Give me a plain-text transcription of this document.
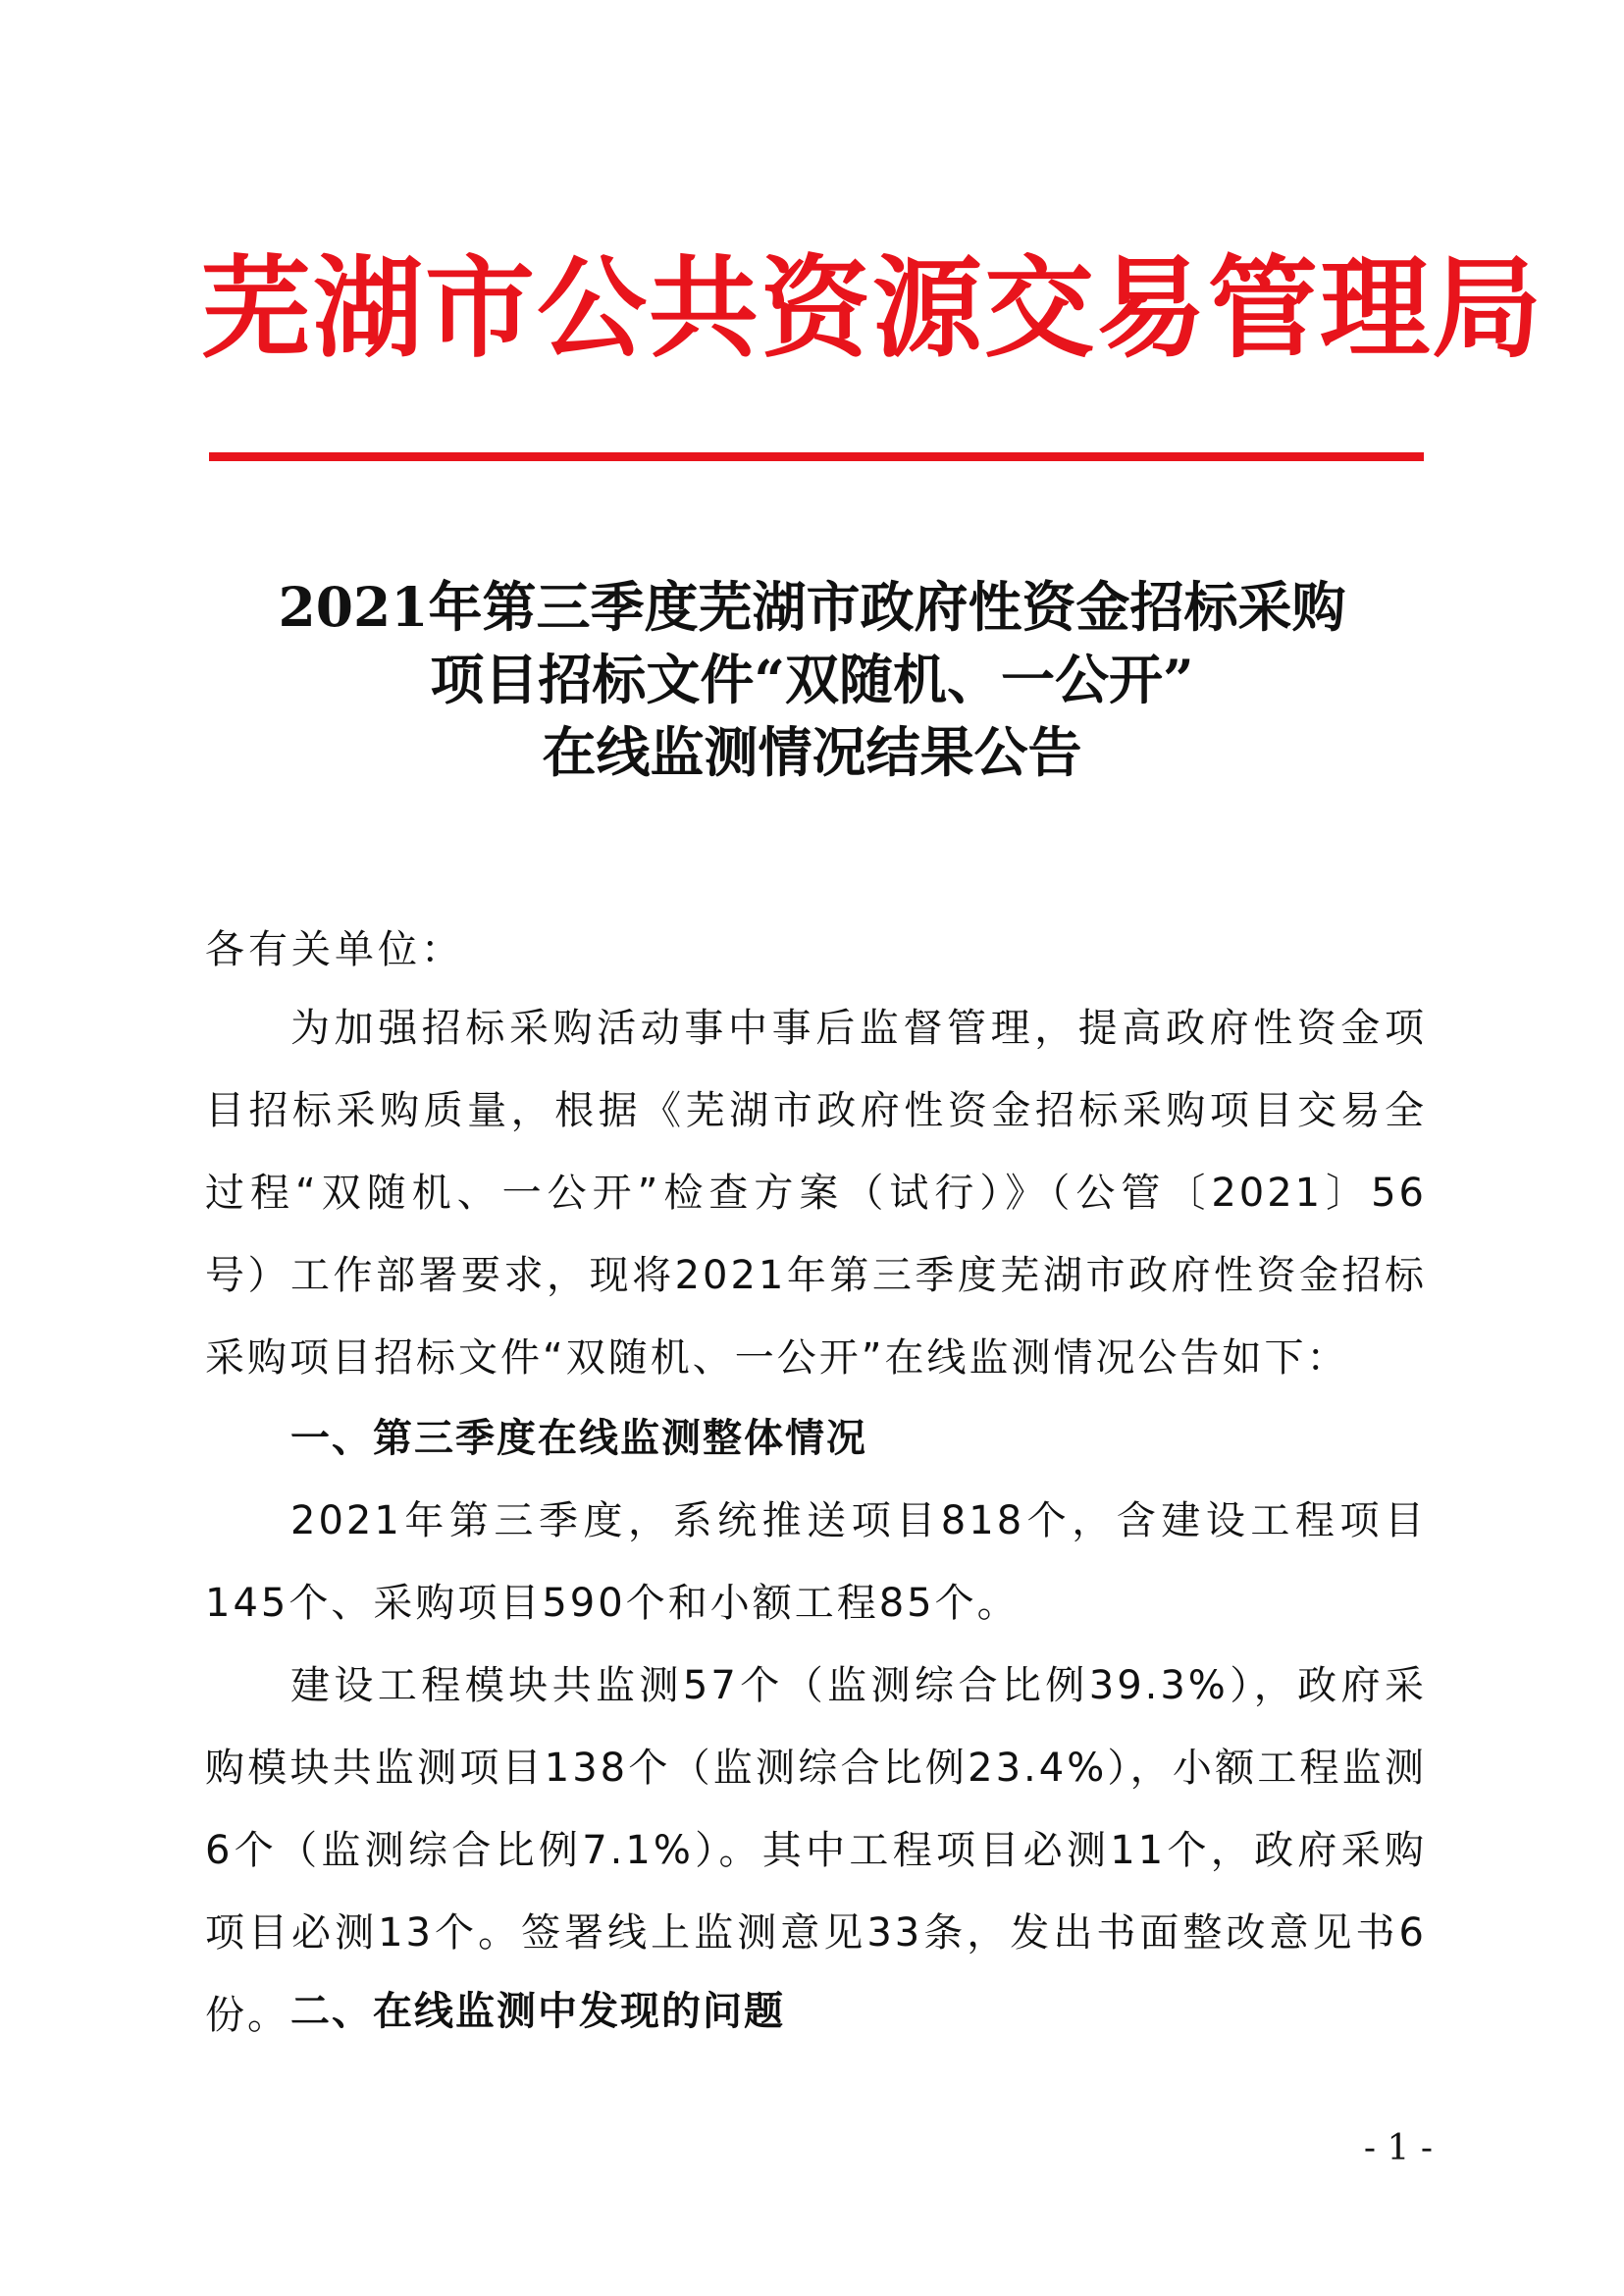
芜湖市公共资源交易管理局
2021年第三季度芜湖市政府性资金招标采购
项目招标文件“双随机、一公开”
在线监测情况结果公告
各有关单位：
为加强招标采购活动事中事后监督管理，提高政府性资金项目招标采购质量，根据《芜湖市政府性资金招标采购项目交易全过程“双随机、一公开”检查方案（试行）》（公管〔2021〕56 号）工作部署要求，现将2021年第三季度芜湖市政府性资金招标采购项目招标文件“双随机、一公开”在线监测情况公告如下：
一、第三季度在线监测整体情况
2021年第三季度，系统推送项目818个，含建设工程项目145个、采购项目590个和小额工程85个。
建设工程模块共监测57个（监测综合比例39.3%），政府采购模块共监测项目138个（监测综合比例23.4%），小额工程监测6个（监测综合比例7.1%）。其中工程项目必测11个，政府采购项目必测13个。签署线上监测意见33条，发出书面整改意见书6份。 二、在线监测中发现的问题
- 1 -
